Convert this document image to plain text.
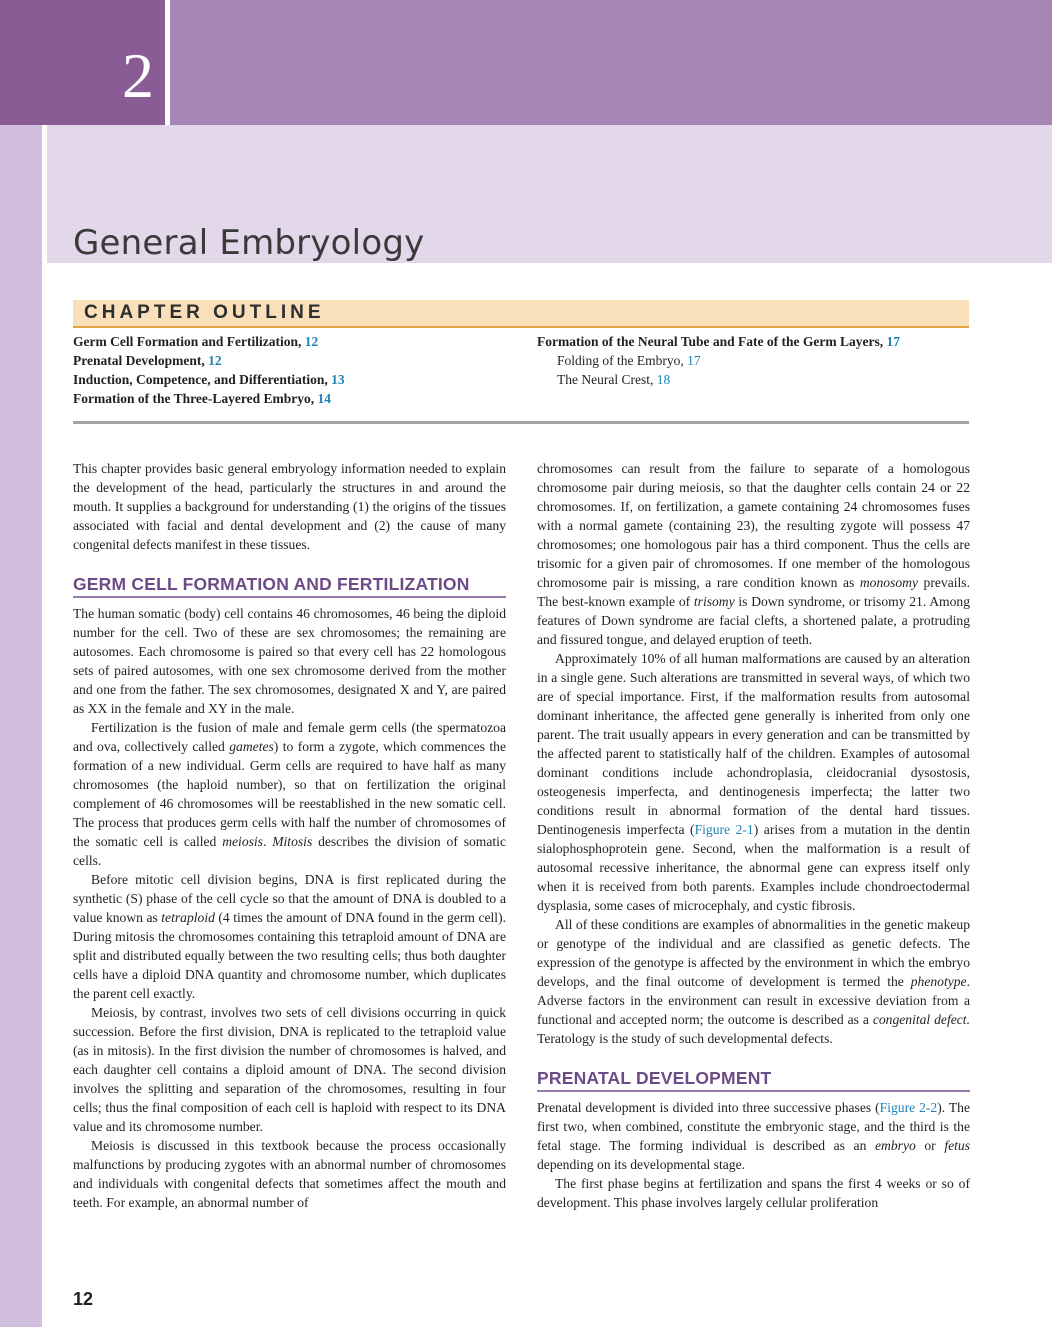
2
General Embryology
CHAPTER OUTLINE
Germ Cell Formation and Fertilization, 12
Prenatal Development, 12
Induction, Competence, and Differentiation, 13
Formation of the Three-Layered Embryo, 14
Formation of the Neural Tube and Fate of the Germ Layers, 17
Folding of the Embryo, 17
The Neural Crest, 18

This chapter provides basic general embryology information needed to explain the development of the head, particularly the structures in and around the mouth. It supplies a background for understanding (1) the origins of the tissues associated with facial and dental development and (2) the cause of many congenital defects manifest in these tissues.

GERM CELL FORMATION AND FERTILIZATION

The human somatic (body) cell contains 46 chromosomes, 46 being the diploid number for the cell. Two of these are sex chromosomes; the remaining are autosomes. Each chromosome is paired so that every cell has 22 homologous sets of paired autosomes, with one sex chromosome derived from the mother and one from the father. The sex chromosomes, designated X and Y, are paired as XX in the female and XY in the male.

Fertilization is the fusion of male and female germ cells (the spermatozoa and ova, collectively called gametes) to form a zygote, which commences the formation of a new individual. Germ cells are required to have half as many chromosomes (the haploid number), so that on fertilization the original complement of 46 chromosomes will be reestablished in the new somatic cell. The process that produces germ cells with half the number of chromosomes of the somatic cell is called meiosis. Mitosis describes the division of somatic cells.

Before mitotic cell division begins, DNA is first replicated during the synthetic (S) phase of the cell cycle so that the amount of DNA is doubled to a value known as tetraploid (4 times the amount of DNA found in the germ cell). During mitosis the chromosomes containing this tetraploid amount of DNA are split and distributed equally between the two resulting cells; thus both daughter cells have a diploid DNA quantity and chromosome number, which duplicates the parent cell exactly.

Meiosis, by contrast, involves two sets of cell divisions occurring in quick succession. Before the first division, DNA is replicated to the tetraploid value (as in mitosis). In the first division the number of chromosomes is halved, and each daughter cell contains a diploid amount of DNA. The second division involves the splitting and separation of the chromosomes, resulting in four cells; thus the final composition of each cell is haploid with respect to its DNA value and its chromosome number.

Meiosis is discussed in this textbook because the process occasionally malfunctions by producing zygotes with an abnormal number of chromosomes and individuals with congenital defects that sometimes affect the mouth and teeth. For example, an abnormal number of

chromosomes can result from the failure to separate of a homologous chromosome pair during meiosis, so that the daughter cells contain 24 or 22 chromosomes. If, on fertilization, a gamete containing 24 chromosomes fuses with a normal gamete (containing 23), the resulting zygote will possess 47 chromosomes; one homologous pair has a third component. Thus the cells are trisomic for a given pair of chromosomes. If one member of the homologous chromosome pair is missing, a rare condition known as monosomy prevails. The best-known example of trisomy is Down syndrome, or trisomy 21. Among features of Down syndrome are facial clefts, a shortened palate, a protruding and fissured tongue, and delayed eruption of teeth.

Approximately 10% of all human malformations are caused by an alteration in a single gene. Such alterations are transmitted in several ways, of which two are of special importance. First, if the malformation results from autosomal dominant inheritance, the affected gene generally is inherited from only one parent. The trait usually appears in every generation and can be transmitted by the affected parent to statistically half of the children. Examples of autosomal dominant conditions include achondroplasia, cleidocranial dysostosis, osteogenesis imperfecta, and dentinogenesis imperfecta; the latter two conditions result in abnormal formation of the dental hard tissues. Dentinogenesis imperfecta (Figure 2-1) arises from a mutation in the dentin sialophosphoprotein gene. Second, when the malformation is a result of autosomal recessive inheritance, the abnormal gene can express itself only when it is received from both parents. Examples include chondroectodermal dysplasia, some cases of microcephaly, and cystic fibrosis.

All of these conditions are examples of abnormalities in the genetic makeup or genotype of the individual and are classified as genetic defects. The expression of the genotype is affected by the environment in which the embryo develops, and the final outcome of development is termed the phenotype. Adverse factors in the environment can result in excessive deviation from a functional and accepted norm; the outcome is described as a congenital defect. Teratology is the study of such developmental defects.

PRENATAL DEVELOPMENT

Prenatal development is divided into three successive phases (Figure 2-2). The first two, when combined, constitute the embryonic stage, and the third is the fetal stage. The forming individual is described as an embryo or fetus depending on its developmental stage.

The first phase begins at fertilization and spans the first 4 weeks or so of development. This phase involves largely cellular proliferation

12
